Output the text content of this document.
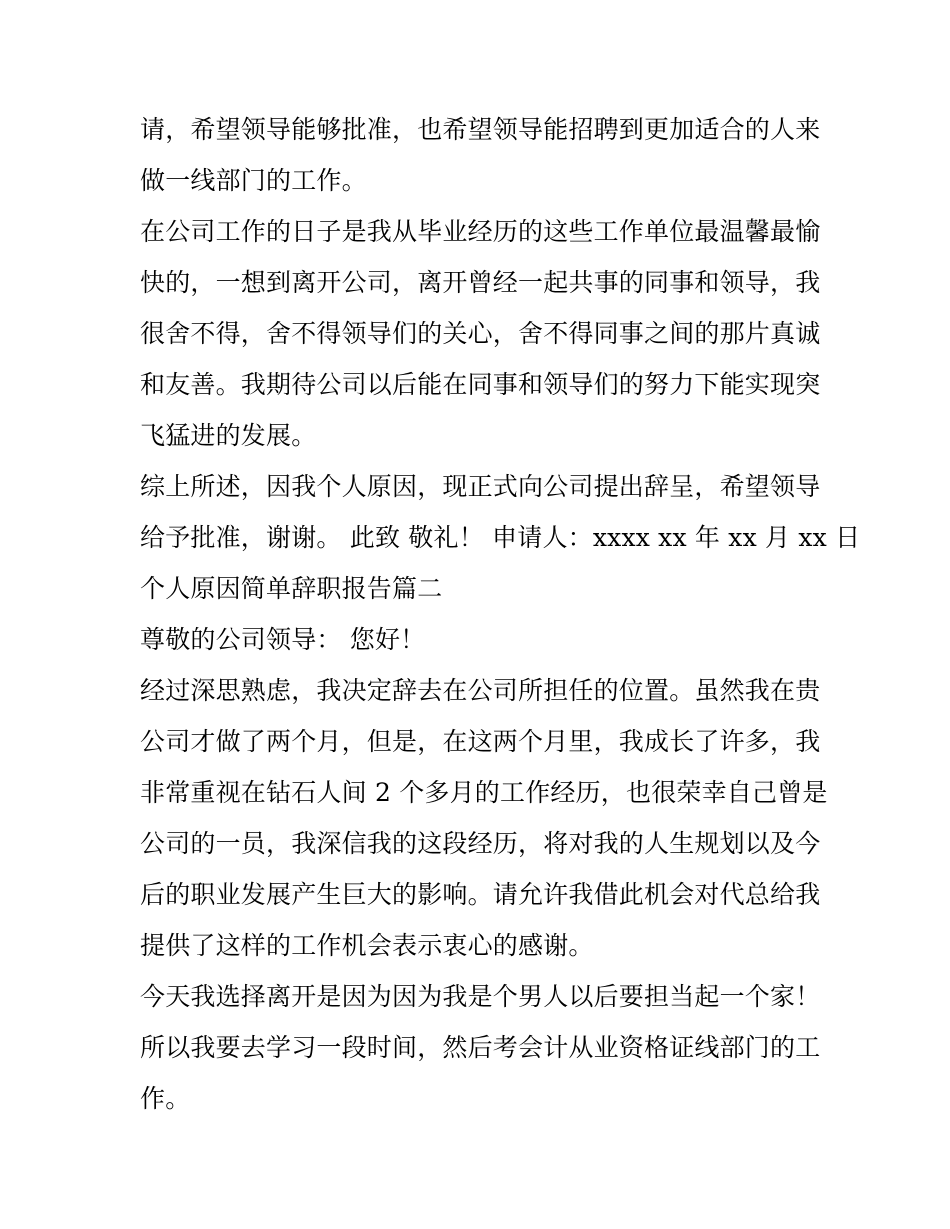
请，希望领导能够批准，也希望领导能招聘到更加适合的人来
做一线部门的工作。
在公司工作的日子是我从毕业经历的这些工作单位最温馨最愉
快的，一想到离开公司，离开曾经一起共事的同事和领导，我
很舍不得，舍不得领导们的关心，舍不得同事之间的那片真诚
和友善。我期待公司以后能在同事和领导们的努力下能实现突
飞猛进的发展。
综上所述，因我个人原因，现正式向公司提出辞呈，希望领导
给予批准，谢谢。 此致 敬礼！ 申请人：xxxx xx 年 xx 月 xx 日
个人原因简单辞职报告篇二
尊敬的公司领导： 您好！
经过深思熟虑，我决定辞去在公司所担任的位置。虽然我在贵
公司才做了两个月，但是，在这两个月里，我成长了许多，我
非常重视在钻石人间 2 个多月的工作经历，也很荣幸自己曾是
公司的一员，我深信我的这段经历，将对我的人生规划以及今
后的职业发展产生巨大的影响。请允许我借此机会对代总给我
提供了这样的工作机会表示衷心的感谢。
今天我选择离开是因为因为我是个男人以后要担当起一个家！
所以我要去学习一段时间，然后考会计从业资格证线部门的工
作。
